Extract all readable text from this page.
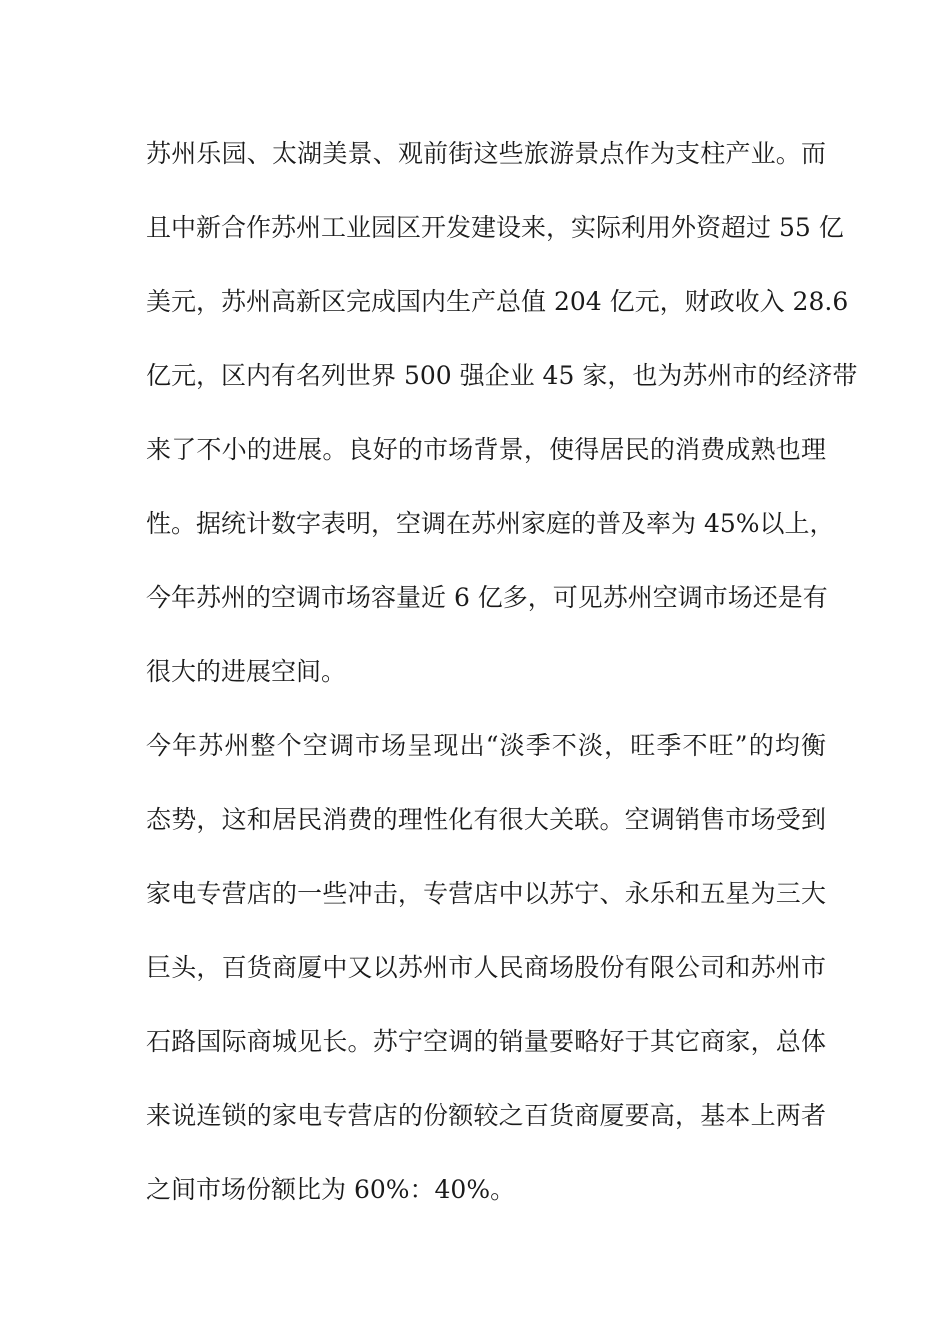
苏州乐园、太湖美景、观前街这些旅游景点作为支柱产业。而
且中新合作苏州工业园区开发建设来，实际利用外资超过 55 亿
美元，苏州高新区完成国内生产总值 204 亿元，财政收入 28.6
亿元，区内有名列世界 500 强企业 45 家，也为苏州市的经济带
来了不小的进展。良好的市场背景，使得居民的消费成熟也理
性。据统计数字表明，空调在苏州家庭的普及率为 45%以上，
今年苏州的空调市场容量近 6 亿多，可见苏州空调市场还是有
很大的进展空间。
今年苏州整个空调市场呈现出“淡季不淡，旺季不旺”的均衡
态势，这和居民消费的理性化有很大关联。空调销售市场受到
家电专营店的一些冲击，专营店中以苏宁、永乐和五星为三大
巨头，百货商厦中又以苏州市人民商场股份有限公司和苏州市
石路国际商城见长。苏宁空调的销量要略好于其它商家，总体
来说连锁的家电专营店的份额较之百货商厦要高，基本上两者
之间市场份额比为 60%：40%。
